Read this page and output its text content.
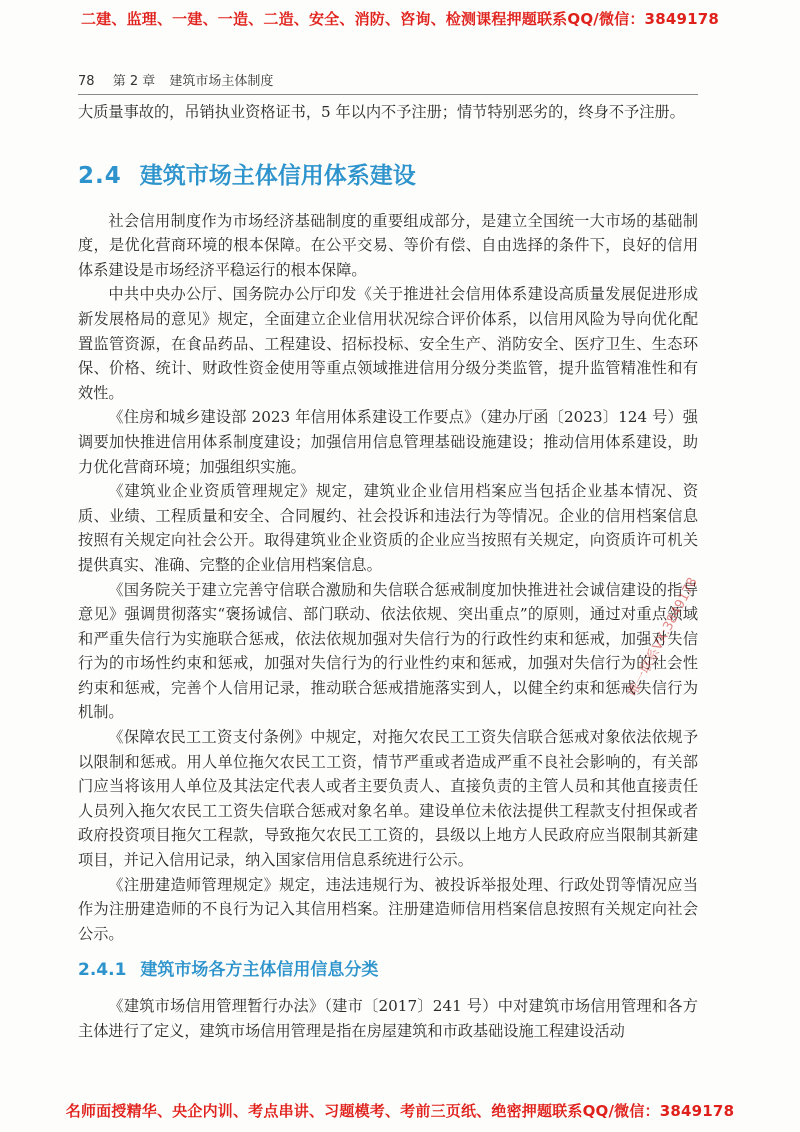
二建、监理、一建、一造、二造、安全、消防、咨询、检测课程押题联系QQ/微信：3849178
78 第 2 章 建筑市场主体制度

大质量事故的，吊销执业资格证书，5 年以内不予注册；情节特别恶劣的，终身不予注册。

2.4 建筑市场主体信用体系建设

社会信用制度作为市场经济基础制度的重要组成部分，是建立全国统一大市场的基础制度，是优化营商环境的根本保障。在公平交易、等价有偿、自由选择的条件下，良好的信用体系建设是市场经济平稳运行的根本保障。

中共中央办公厅、国务院办公厅印发《关于推进社会信用体系建设高质量发展促进形成新发展格局的意见》规定，全面建立企业信用状况综合评价体系，以信用风险为导向优化配置监管资源，在食品药品、工程建设、招标投标、安全生产、消防安全、医疗卫生、生态环保、价格、统计、财政性资金使用等重点领域推进信用分级分类监管，提升监管精准性和有效性。

《住房和城乡建设部 2023 年信用体系建设工作要点》（建办厅函〔2023〕124 号）强调要加快推进信用体系制度建设；加强信用信息管理基础设施建设；推动信用体系建设，助力优化营商环境；加强组织实施。

《建筑业企业资质管理规定》规定，建筑业企业信用档案应当包括企业基本情况、资质、业绩、工程质量和安全、合同履约、社会投诉和违法行为等情况。企业的信用档案信息按照有关规定向社会公开。取得建筑业企业资质的企业应当按照有关规定，向资质许可机关提供真实、准确、完整的企业信用档案信息。

《国务院关于建立完善守信联合激励和失信联合惩戒制度加快推进社会诚信建设的指导意见》强调贯彻落实“褒扬诚信、部门联动、依法依规、突出重点”的原则，通过对重点领域和严重失信行为实施联合惩戒，依法依规加强对失信行为的行政性约束和惩戒，加强对失信行为的市场性约束和惩戒，加强对失信行为的行业性约束和惩戒，加强对失信行为的社会性约束和惩戒，完善个人信用记录，推动联合惩戒措施落实到人，以健全约束和惩戒失信行为机制。

《保障农民工工资支付条例》中规定，对拖欠农民工工资失信联合惩戒对象依法依规予以限制和惩戒。用人单位拖欠农民工工资，情节严重或者造成严重不良社会影响的，有关部门应当将该用人单位及其法定代表人或者主要负责人、直接负责的主管人员和其他直接责任人员列入拖欠农民工工资失信联合惩戒对象名单。建设单位未依法提供工程款支付担保或者政府投资项目拖欠工程款，导致拖欠农民工工资的，县级以上地方人民政府应当限制其新建项目，并记入信用记录，纳入国家信用信息系统进行公示。

《注册建造师管理规定》规定，违法违规行为、被投诉举报处理、行政处罚等情况应当作为注册建造师的不良行为记入其信用档案。注册建造师信用档案信息按照有关规定向社会公示。

2.4.1 建筑市场各方主体信用信息分类

《建筑市场信用管理暂行办法》（建市〔2017〕241 号）中对建筑市场信用管理和各方主体进行了定义，建筑市场信用管理是指在房屋建筑和市政基础设施工程建设活动

唯一联系VX:3849178
名师面授精华、央企内训、考点串讲、习题模考、考前三页纸、绝密押题联系QQ/微信：3849178
